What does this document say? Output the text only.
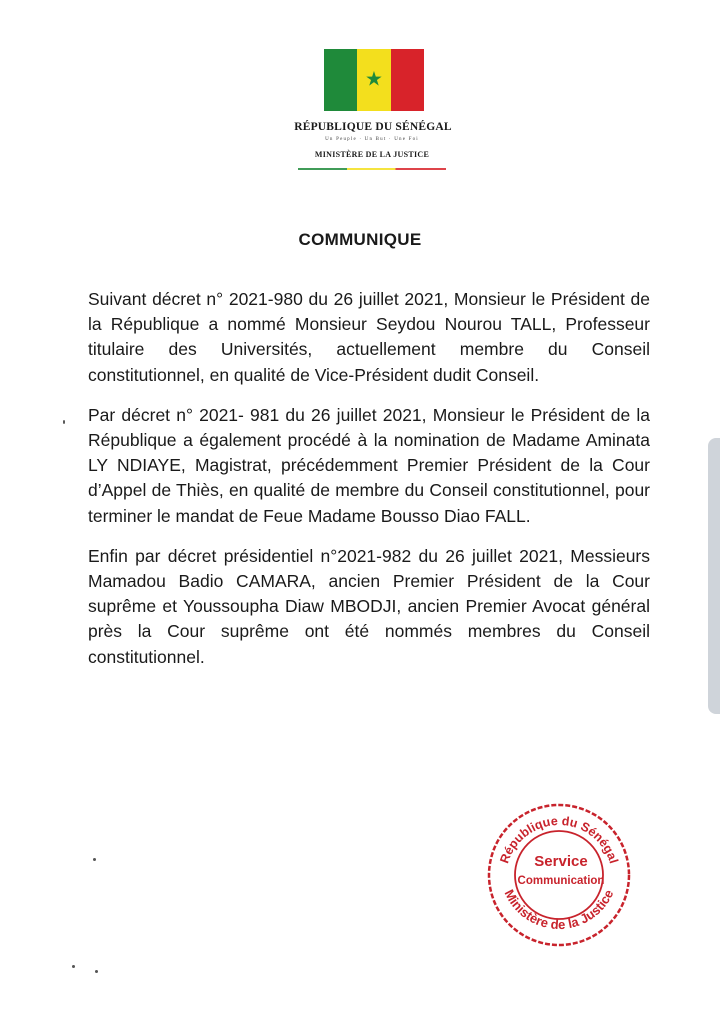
★
RÉPUBLIQUE DU SÉNÉGAL
Un Peuple · Un But · Une Foi
MINISTÈRE DE LA JUSTICE
COMMUNIQUE

Suivant décret n° 2021-980 du 26 juillet 2021, Monsieur le Président de la République a nommé Monsieur Seydou Nourou TALL, Professeur titulaire des Universités, actuellement membre du Conseil constitutionnel, en qualité de Vice-Président dudit Conseil.

Par décret n° 2021- 981 du 26 juillet 2021, Monsieur le Président de la République a également procédé à la nomination de Madame Aminata LY NDIAYE, Magistrat, précédemment Premier Président de la Cour d’Appel de Thiès, en qualité de membre du Conseil constitutionnel, pour terminer le mandat de Feue Madame Bousso Diao FALL.

Enfin par décret présidentiel n°2021-982 du 26 juillet 2021, Messieurs Mamadou Badio CAMARA, ancien Premier Président de la Cour suprême et Youssoupha Diaw MBODJI, ancien Premier Avocat général près la Cour suprême ont été nommés membres du Conseil constitutionnel.

République du Sénégal
Ministère de la Justice
Service
Communication
